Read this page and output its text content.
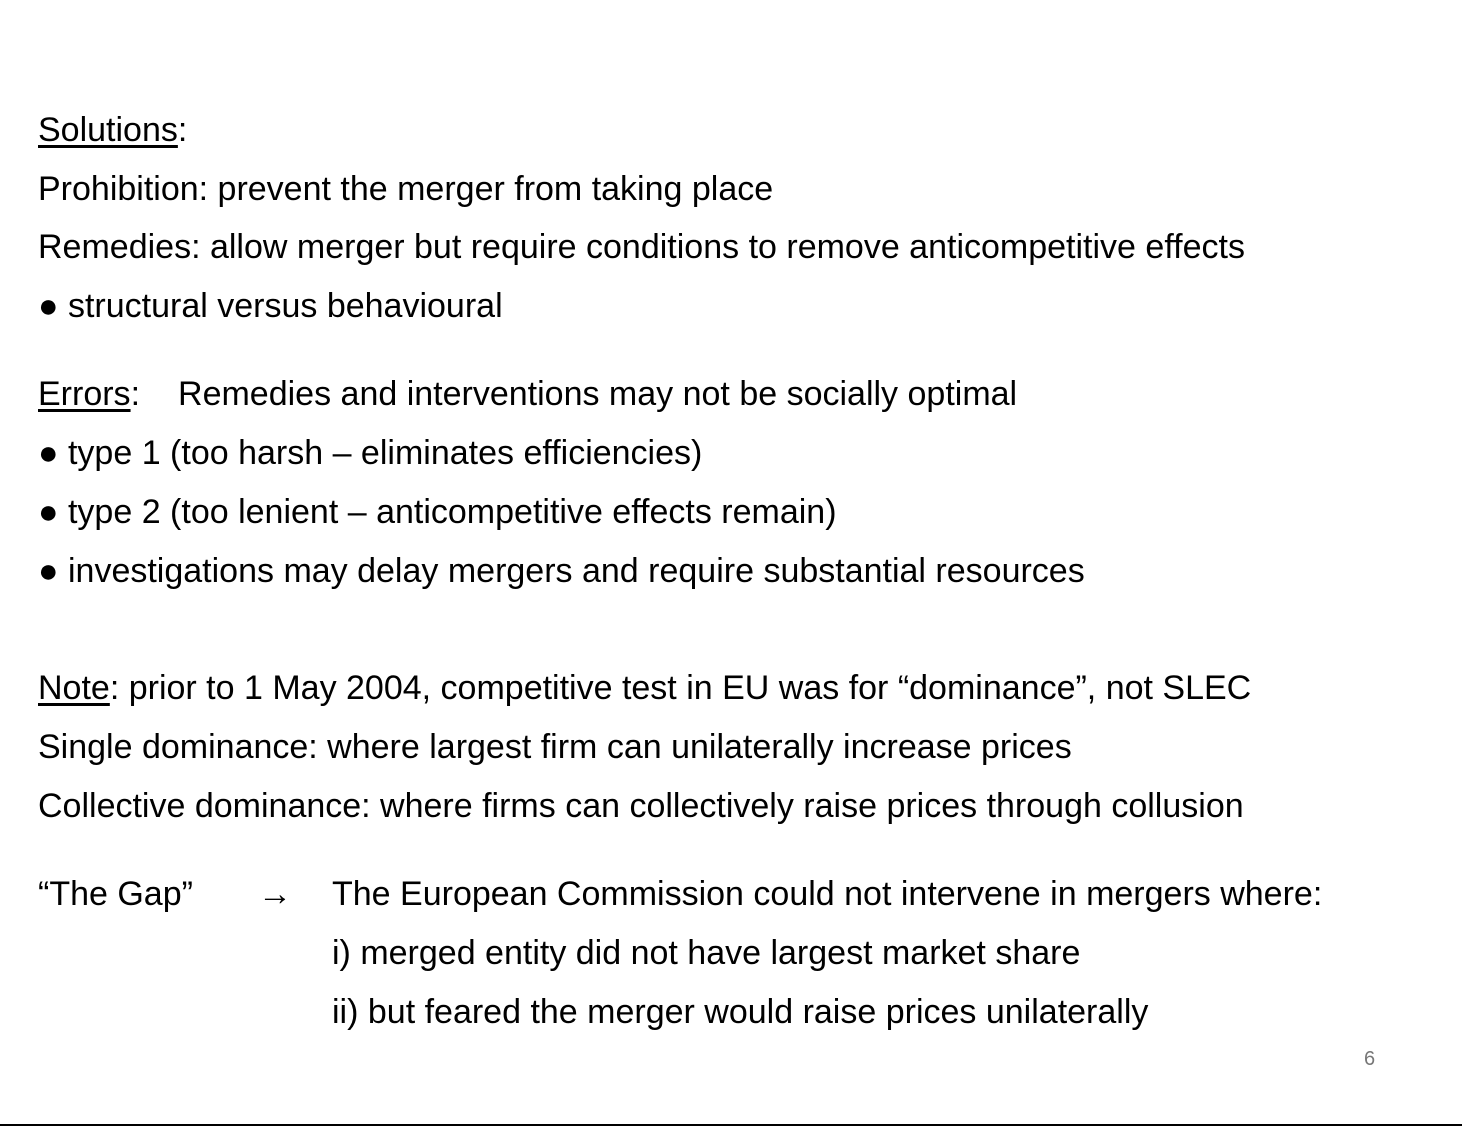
Solutions:
Prohibition: prevent the merger from taking place
Remedies: allow merger but require conditions to remove anticompetitive effects
● structural versus behavioural
Errors: Remedies and interventions may not be socially optimal
● type 1 (too harsh – eliminates efficiencies)
● type 2 (too lenient – anticompetitive effects remain)
● investigations may delay mergers and require substantial resources
Note: prior to 1 May 2004, competitive test in EU was for “dominance”, not SLEC
Single dominance: where largest firm can unilaterally increase prices
Collective dominance: where firms can collectively raise prices through collusion
“The Gap” → The European Commission could not intervene in mergers where:
i) merged entity did not have largest market share
ii) but feared the merger would raise prices unilaterally
6
